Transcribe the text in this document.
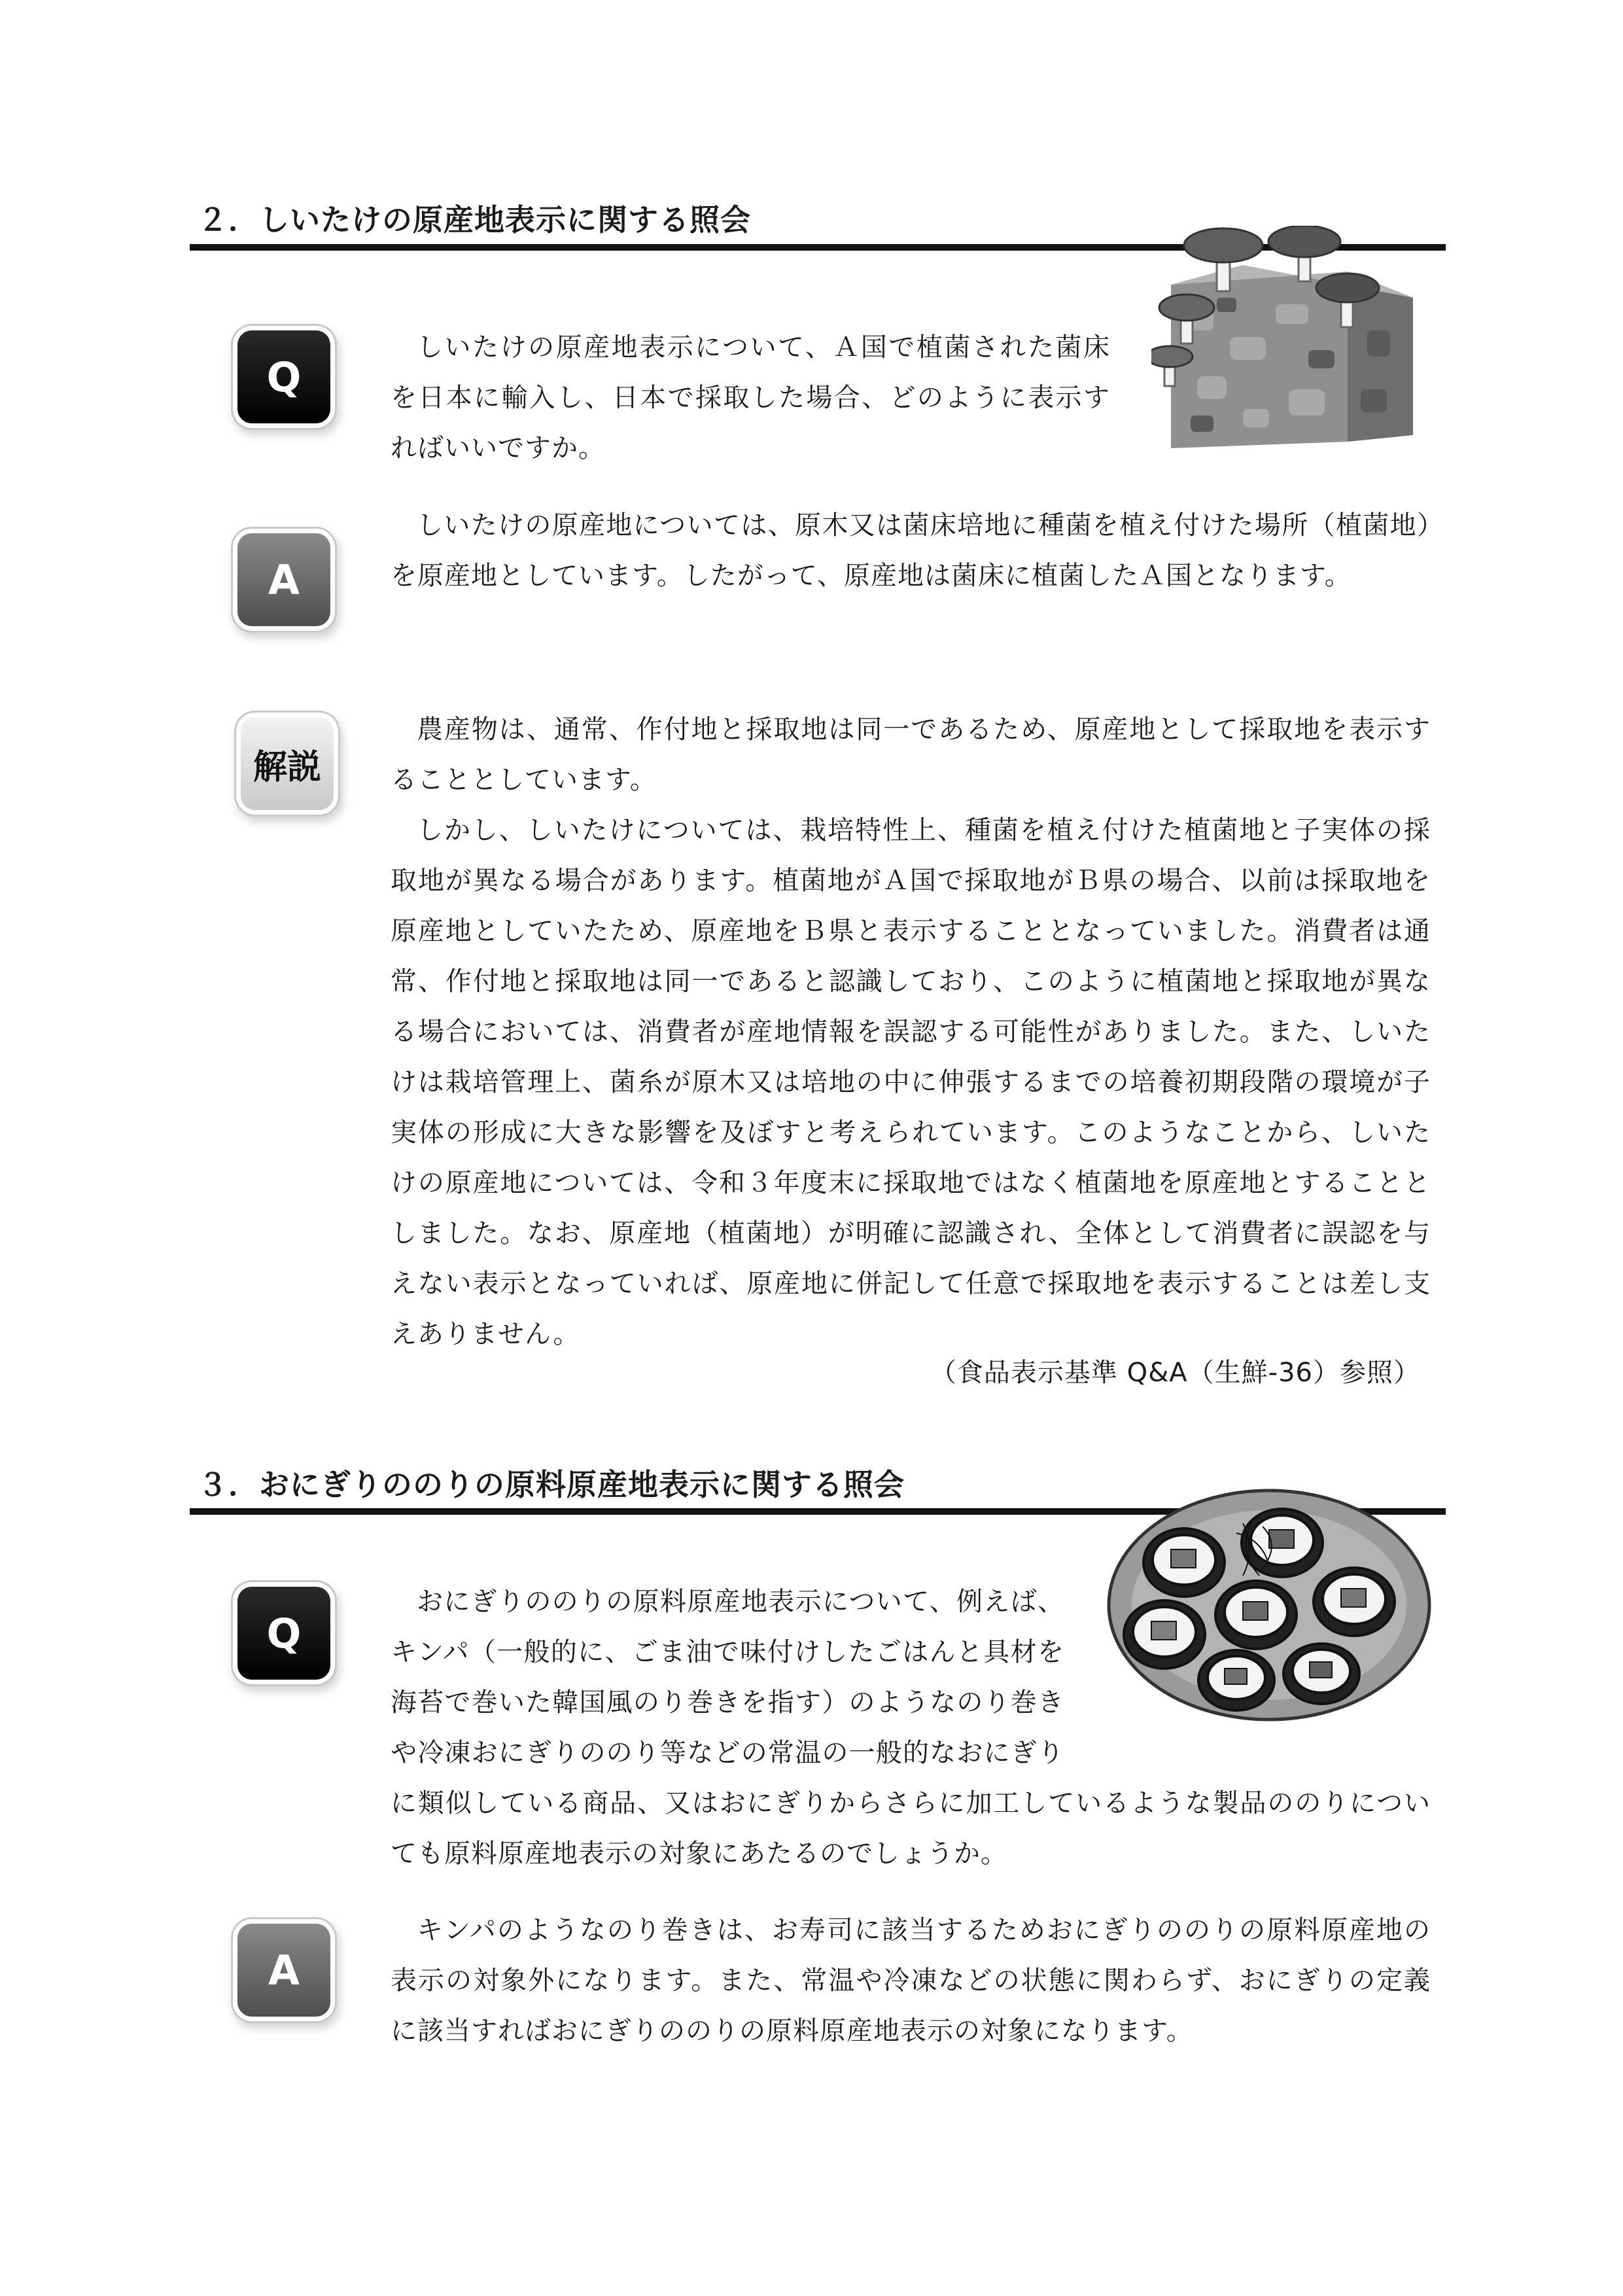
２．しいたけの原産地表示に関する照会
Q

しいたけの原産地表示について、Ａ国で植菌された菌床を日本に輸入し、日本で採取した場合、どのように表示すればいいですか。

A

しいたけの原産地については、原木又は菌床培地に種菌を植え付けた場所（植菌地）を原産地としています。したがって、原産地は菌床に植菌したＡ国となります。

解説

農産物は、通常、作付地と採取地は同一であるため、原産地として採取地を表示することとしています。

しかし、しいたけについては、栽培特性上、種菌を植え付けた植菌地と子実体の採取地が異なる場合があります。植菌地がＡ国で採取地がＢ県の場合、以前は採取地を原産地としていたため、原産地をＢ県と表示することとなっていました。消費者は通常、作付地と採取地は同一であると認識しており、このように植菌地と採取地が異なる場合においては、消費者が産地情報を誤認する可能性がありました。また、しいたけは栽培管理上、菌糸が原木又は培地の中に伸張するまでの培養初期段階の環境が子実体の形成に大きな影響を及ぼすと考えられています。このようなことから、しいたけの原産地については、令和３年度末に採取地ではなく植菌地を原産地とすることとしました。なお、原産地（植菌地）が明確に認識され、全体として消費者に誤認を与えない表示となっていれば、原産地に併記して任意で採取地を表示することは差し支えありません。

（食品表示基準 Q&A（生鮮-36）参照）
３．おにぎりののりの原料原産地表示に関する照会
Q

おにぎりののりの原料原産地表示について、例えば、キンパ（一般的に、ごま油で味付けしたごはんと具材を海苔で巻いた韓国風のり巻きを指す）のようなのり巻きや冷凍おにぎりののり等などの常温の一般的なおにぎりに類似している商品、又はおにぎりからさらに加工しているような製品ののりについても原料原産地表示の対象にあたるのでしょうか。

A

キンパのようなのり巻きは、お寿司に該当するためおにぎりののりの原料原産地の表示の対象外になります。また、常温や冷凍などの状態に関わらず、おにぎりの定義に該当すればおにぎりののりの原料原産地表示の対象になります。
